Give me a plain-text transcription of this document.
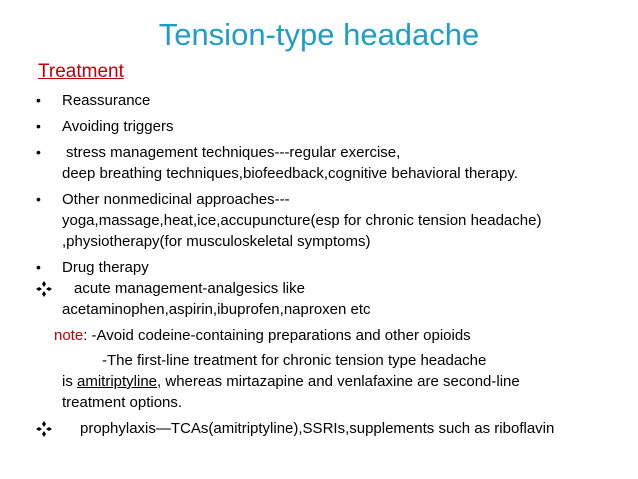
Tension-type headache
Treatment
•	Reassurance
•	Avoiding triggers
•	stress management techniques---regular exercise,
deep breathing techniques,biofeedback,cognitive behavioral therapy.
•	Other nonmedicinal approaches---
yoga,massage,heat,ice,accupuncture(esp for chronic tension headache)
,physiotherapy(for musculoskeletal symptoms)
•	Drug therapy
acute management-analgesics like
acetaminophen,aspirin,ibuprofen,naproxen etc
note: -Avoid codeine-containing preparations and other opioids
-The first-line treatment for chronic tension type headache
is amitriptyline, whereas mirtazapine and venlafaxine are second-line
treatment options.
prophylaxis—TCAs(amitriptyline),SSRIs,supplements such as riboflavin
